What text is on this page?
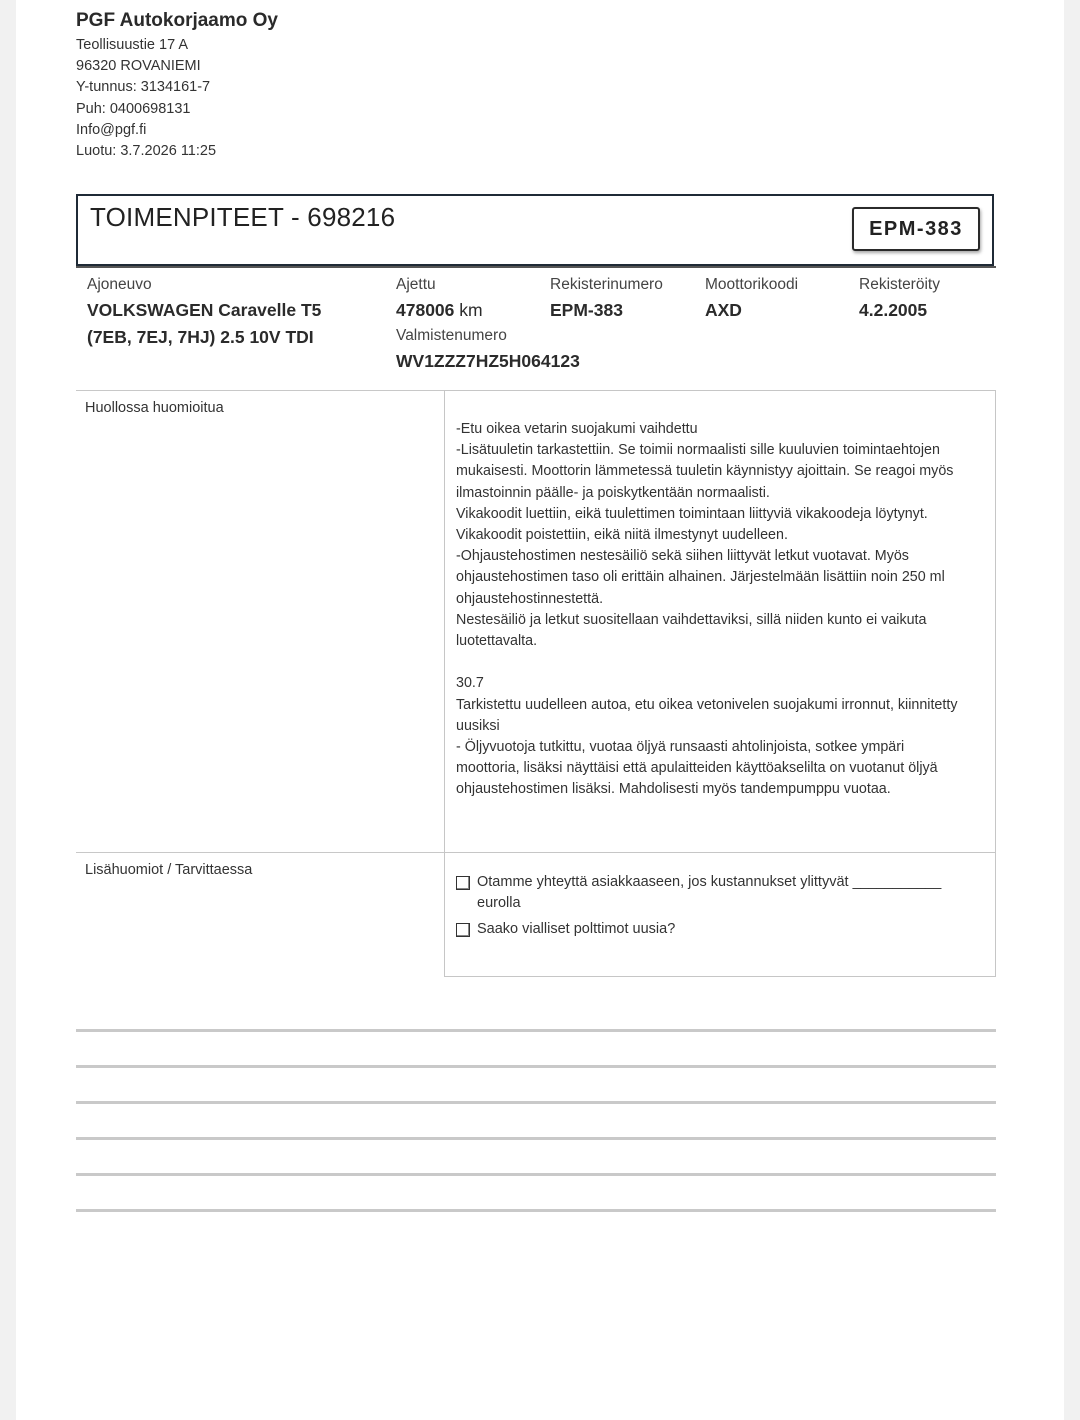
PGF Autokorjaamo Oy
Teollisuustie 17 A
96320 ROVANIEMI
Y-tunnus: 3134161-7
Puh: 0400698131
Info@pgf.fi
Luotu: 3.7.2026 11:25
TOIMENPITEET - 698216	EPM-383
Ajoneuvo
VOLKSWAGEN Caravelle T5
(7EB, 7EJ, 7HJ) 2.5 10V TDI
Ajettu
478006 km
Valmistenumero
WV1ZZZ7HZ5H064123
Rekisterinumero
EPM-383
Moottorikoodi
AXD
Rekisteröity
4.2.2005
Huollossa huomioitua

-Etu oikea vetarin suojakumi vaihdettu

-Lisätuuletin tarkastettiin. Se toimii normaalisti sille kuuluvien toimintaehtojen

mukaisesti. Moottorin lämmetessä tuuletin käynnistyy ajoittain. Se reagoi myös

ilmastoinnin päälle- ja poiskytkentään normaalisti.

Vikakoodit luettiin, eikä tuulettimen toimintaan liittyviä vikakoodeja löytynyt.

Vikakoodit poistettiin, eikä niitä ilmestynyt uudelleen.

-Ohjaustehostimen nestesäiliö sekä siihen liittyvät letkut vuotavat. Myös

ohjaustehostimen taso oli erittäin alhainen. Järjestelmään lisättiin noin 250 ml

ohjaustehostinnestettä.

Nestesäiliö ja letkut suositellaan vaihdettaviksi, sillä niiden kunto ei vaikuta

luotettavalta.

30.7

Tarkistettu uudelleen autoa, etu oikea vetonivelen suojakumi irronnut, kiinnitetty

uusiksi

- Öljyvuotoja tutkittu, vuotaa öljyä runsaasti ahtolinjoista, sotkee ympäri

moottoria, lisäksi näyttäisi että apulaitteiden käyttöakselilta on vuotanut öljyä

ohjaustehostimen lisäksi. Mahdolisesti myös tandempumppu vuotaa.

Lisähuomiot / Tarvittaessa
Otamme yhteyttä asiakkaaseen, jos kustannukset ylittyvät ___________
eurolla
Saako vialliset polttimot uusia?
